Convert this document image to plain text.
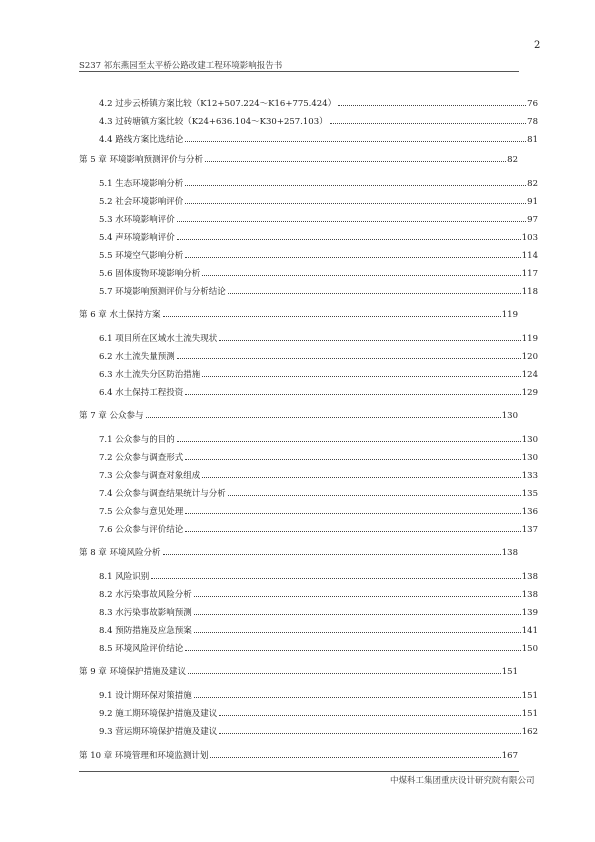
2
S237 祁东燕园至太平桥公路改建工程环境影响报告书
4.2 过步云桥镇方案比较（K12+507.224～K16+775.424）	76
4.3 过砖塘镇方案比较（K24+636.104～K30+257.103）	78
4.4 路线方案比选结论	81
第 5 章 环境影响预测评价与分析	82
5.1 生态环境影响分析	82
5.2 社会环境影响评价	91
5.3 水环境影响评价	97
5.4 声环境影响评价	103
5.5 环境空气影响分析	114
5.6 固体废物环境影响分析	117
5.7 环境影响预测评价与分析结论	118
第 6 章 水土保持方案	119
6.1 项目所在区域水土流失现状	119
6.2 水土流失量预测	120
6.3 水土流失分区防治措施	124
6.4 水土保持工程投资	129
第 7 章 公众参与	130
7.1 公众参与的目的	130
7.2 公众参与调查形式	130
7.3 公众参与调查对象组成	133
7.4 公众参与调查结果统计与分析	135
7.5 公众参与意见处理	136
7.6 公众参与评价结论	137
第 8 章 环境风险分析	138
8.1 风险识别	138
8.2 水污染事故风险分析	138
8.3 水污染事故影响预测	139
8.4 预防措施及应急预案	141
8.5 环境风险评价结论	150
第 9 章 环境保护措施及建议	151
9.1 设计期环保对策措施	151
9.2 施工期环境保护措施及建议	151
9.3 营运期环境保护措施及建议	162
第 10 章 环境管理和环境监测计划	167
中煤科工集团重庆设计研究院有限公司
